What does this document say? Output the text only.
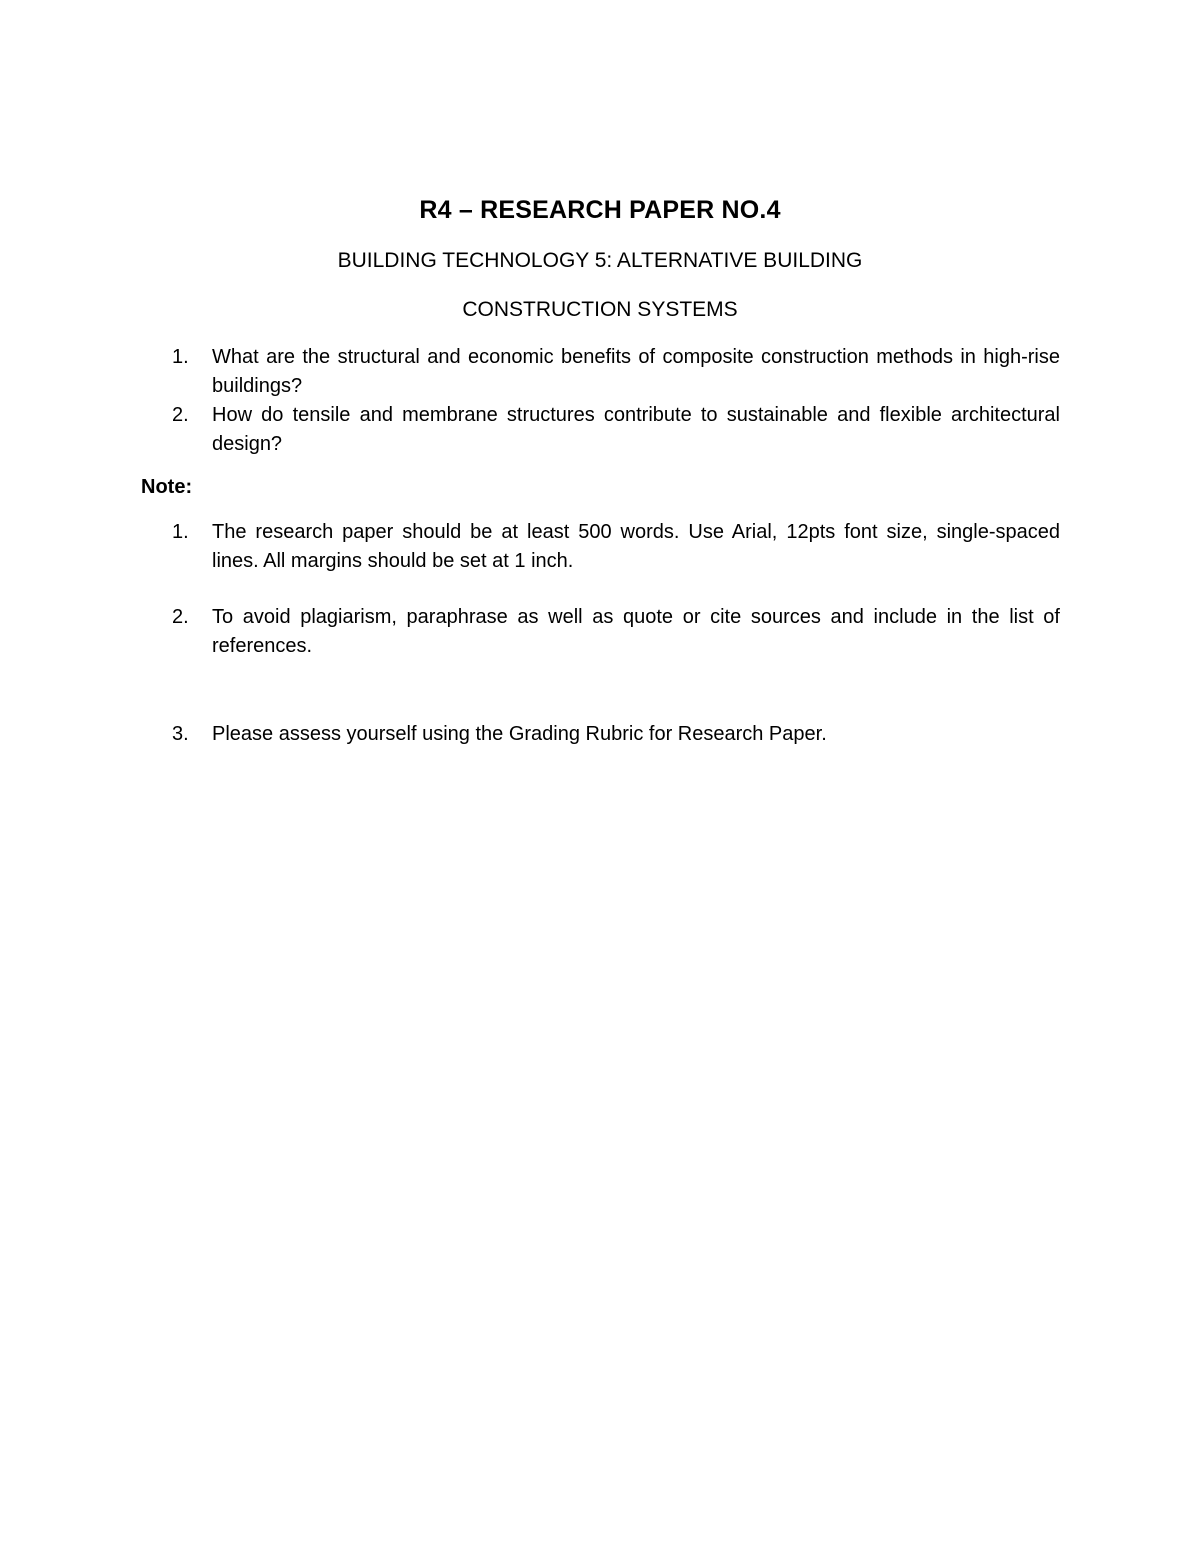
R4 – RESEARCH PAPER NO.4

BUILDING TECHNOLOGY 5: ALTERNATIVE BUILDING

CONSTRUCTION SYSTEMS

1.	What are the structural and economic benefits of composite construction methods in high-rise buildings?
2.	How do tensile and membrane structures contribute to sustainable and flexible architectural design?

Note:

1.	The research paper should be at least 500 words. Use Arial, 12pts font size, single-spaced lines. All margins should be set at 1 inch.
2.	To avoid plagiarism, paraphrase as well as quote or cite sources and include in the list of references.
3.	Please assess yourself using the Grading Rubric for Research Paper.
